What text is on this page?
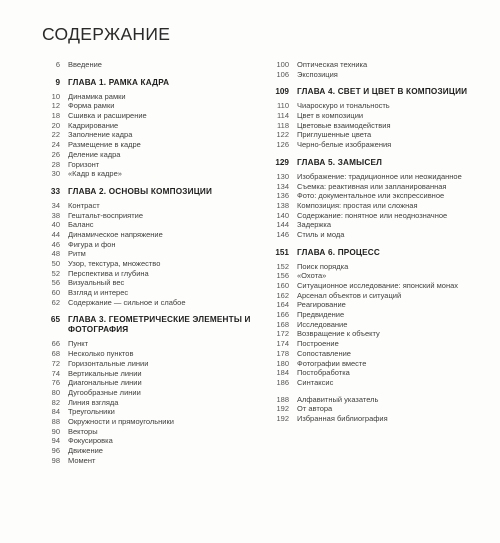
СОДЕРЖАНИЕ
6	Введение
9 ГЛАВА 1. РАМКА КАДРА
10	Динамика рамки
12	Форма рамки
18	Сшивка и расширение
20	Кадрирование
22	Заполнение кадра
24	Размещение в кадре
26	Деление кадра
28	Горизонт
30	«Кадр в кадре»
33 ГЛАВА 2. ОСНОВЫ КОМПОЗИЦИИ
34	Контраст
38	Гештальт-восприятие
40	Баланс
44	Динамическое напряжение
46	Фигура и фон
48	Ритм
50	Узор, текстура, множество
52	Перспектива и глубина
56	Визуальный вес
60	Взгляд и интерес
62	Содержание — сильное и слабое
65 ГЛАВА 3. ГЕОМЕТРИЧЕСКИЕ ЭЛЕМЕНТЫ И ФОТОГРАФИЯ
66	Пункт
68	Несколько пунктов
72	Горизонтальные линии
74	Вертикальные линии
76	Диагональные линии
80	Дугообразные линии
82	Линия взгляда
84	Треугольники
88	Окружности и прямоугольники
90	Векторы
94	Фокусировка
96	Движение
98	Момент
100	Оптическая техника
106	Экспозиция
109 ГЛАВА 4. СВЕТ И ЦВЕТ В КОМПОЗИЦИИ
110	Чиароскуро и тональность
114	Цвет в композиции
118	Цветовые взаимодействия
122	Приглушенные цвета
126	Черно-белые изображения
129 ГЛАВА 5. ЗАМЫСЕЛ
130	Изображение: традиционное или неожиданное
134	Съемка: реактивная или запланированная
136	Фото: документальное или экспрессивное
138	Композиция: простая или сложная
140	Содержание: понятное или неоднозначное
144	Задержка
146	Стиль и мода
151 ГЛАВА 6. ПРОЦЕСС
152	Поиск порядка
156	«Охота»
160	Ситуационное исследование: японский монах
162	Арсенал объектов и ситуаций
164	Реагирование
166	Предвидение
168	Исследование
172	Возвращение к объекту
174	Построение
178	Сопоставление
180	Фотографии вместе
184	Постобработка
186	Синтаксис
188	Алфавитный указатель
192	От автора
192	Избранная библиография
